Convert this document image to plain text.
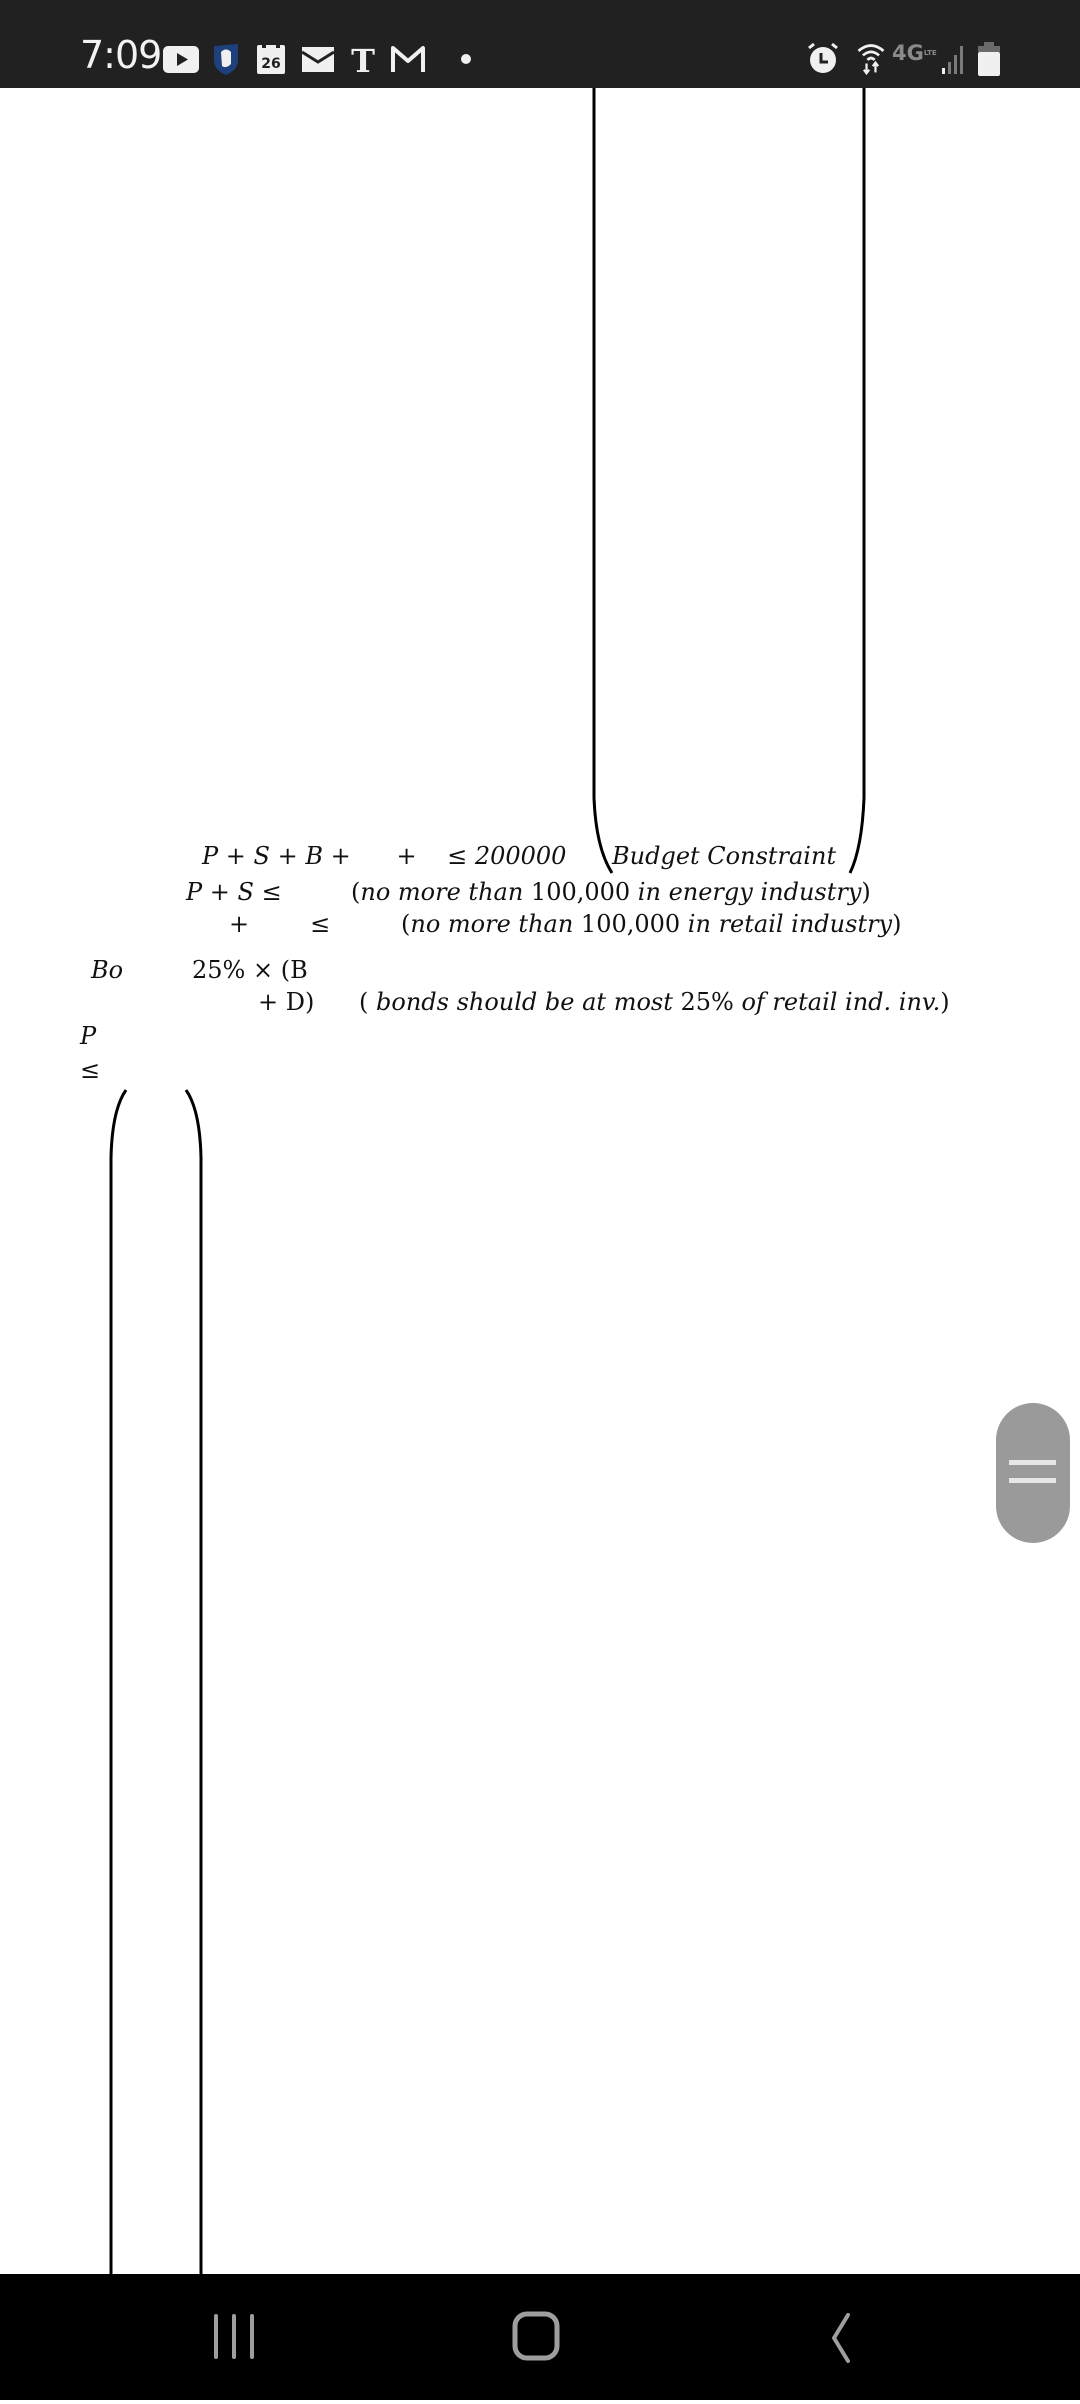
7:09	26 T	$4G^{LTE}$
P + S + B +      +    ≤ 200000 Budget Constraint
P + S ≤	(no more than 100,000 in energy industry)
+        ≤	(no more than 100,000 in retail industry)
Bo	25% × (B
+ D) ( bonds should be at most 25% of retail ind. inv.)
P
≤
